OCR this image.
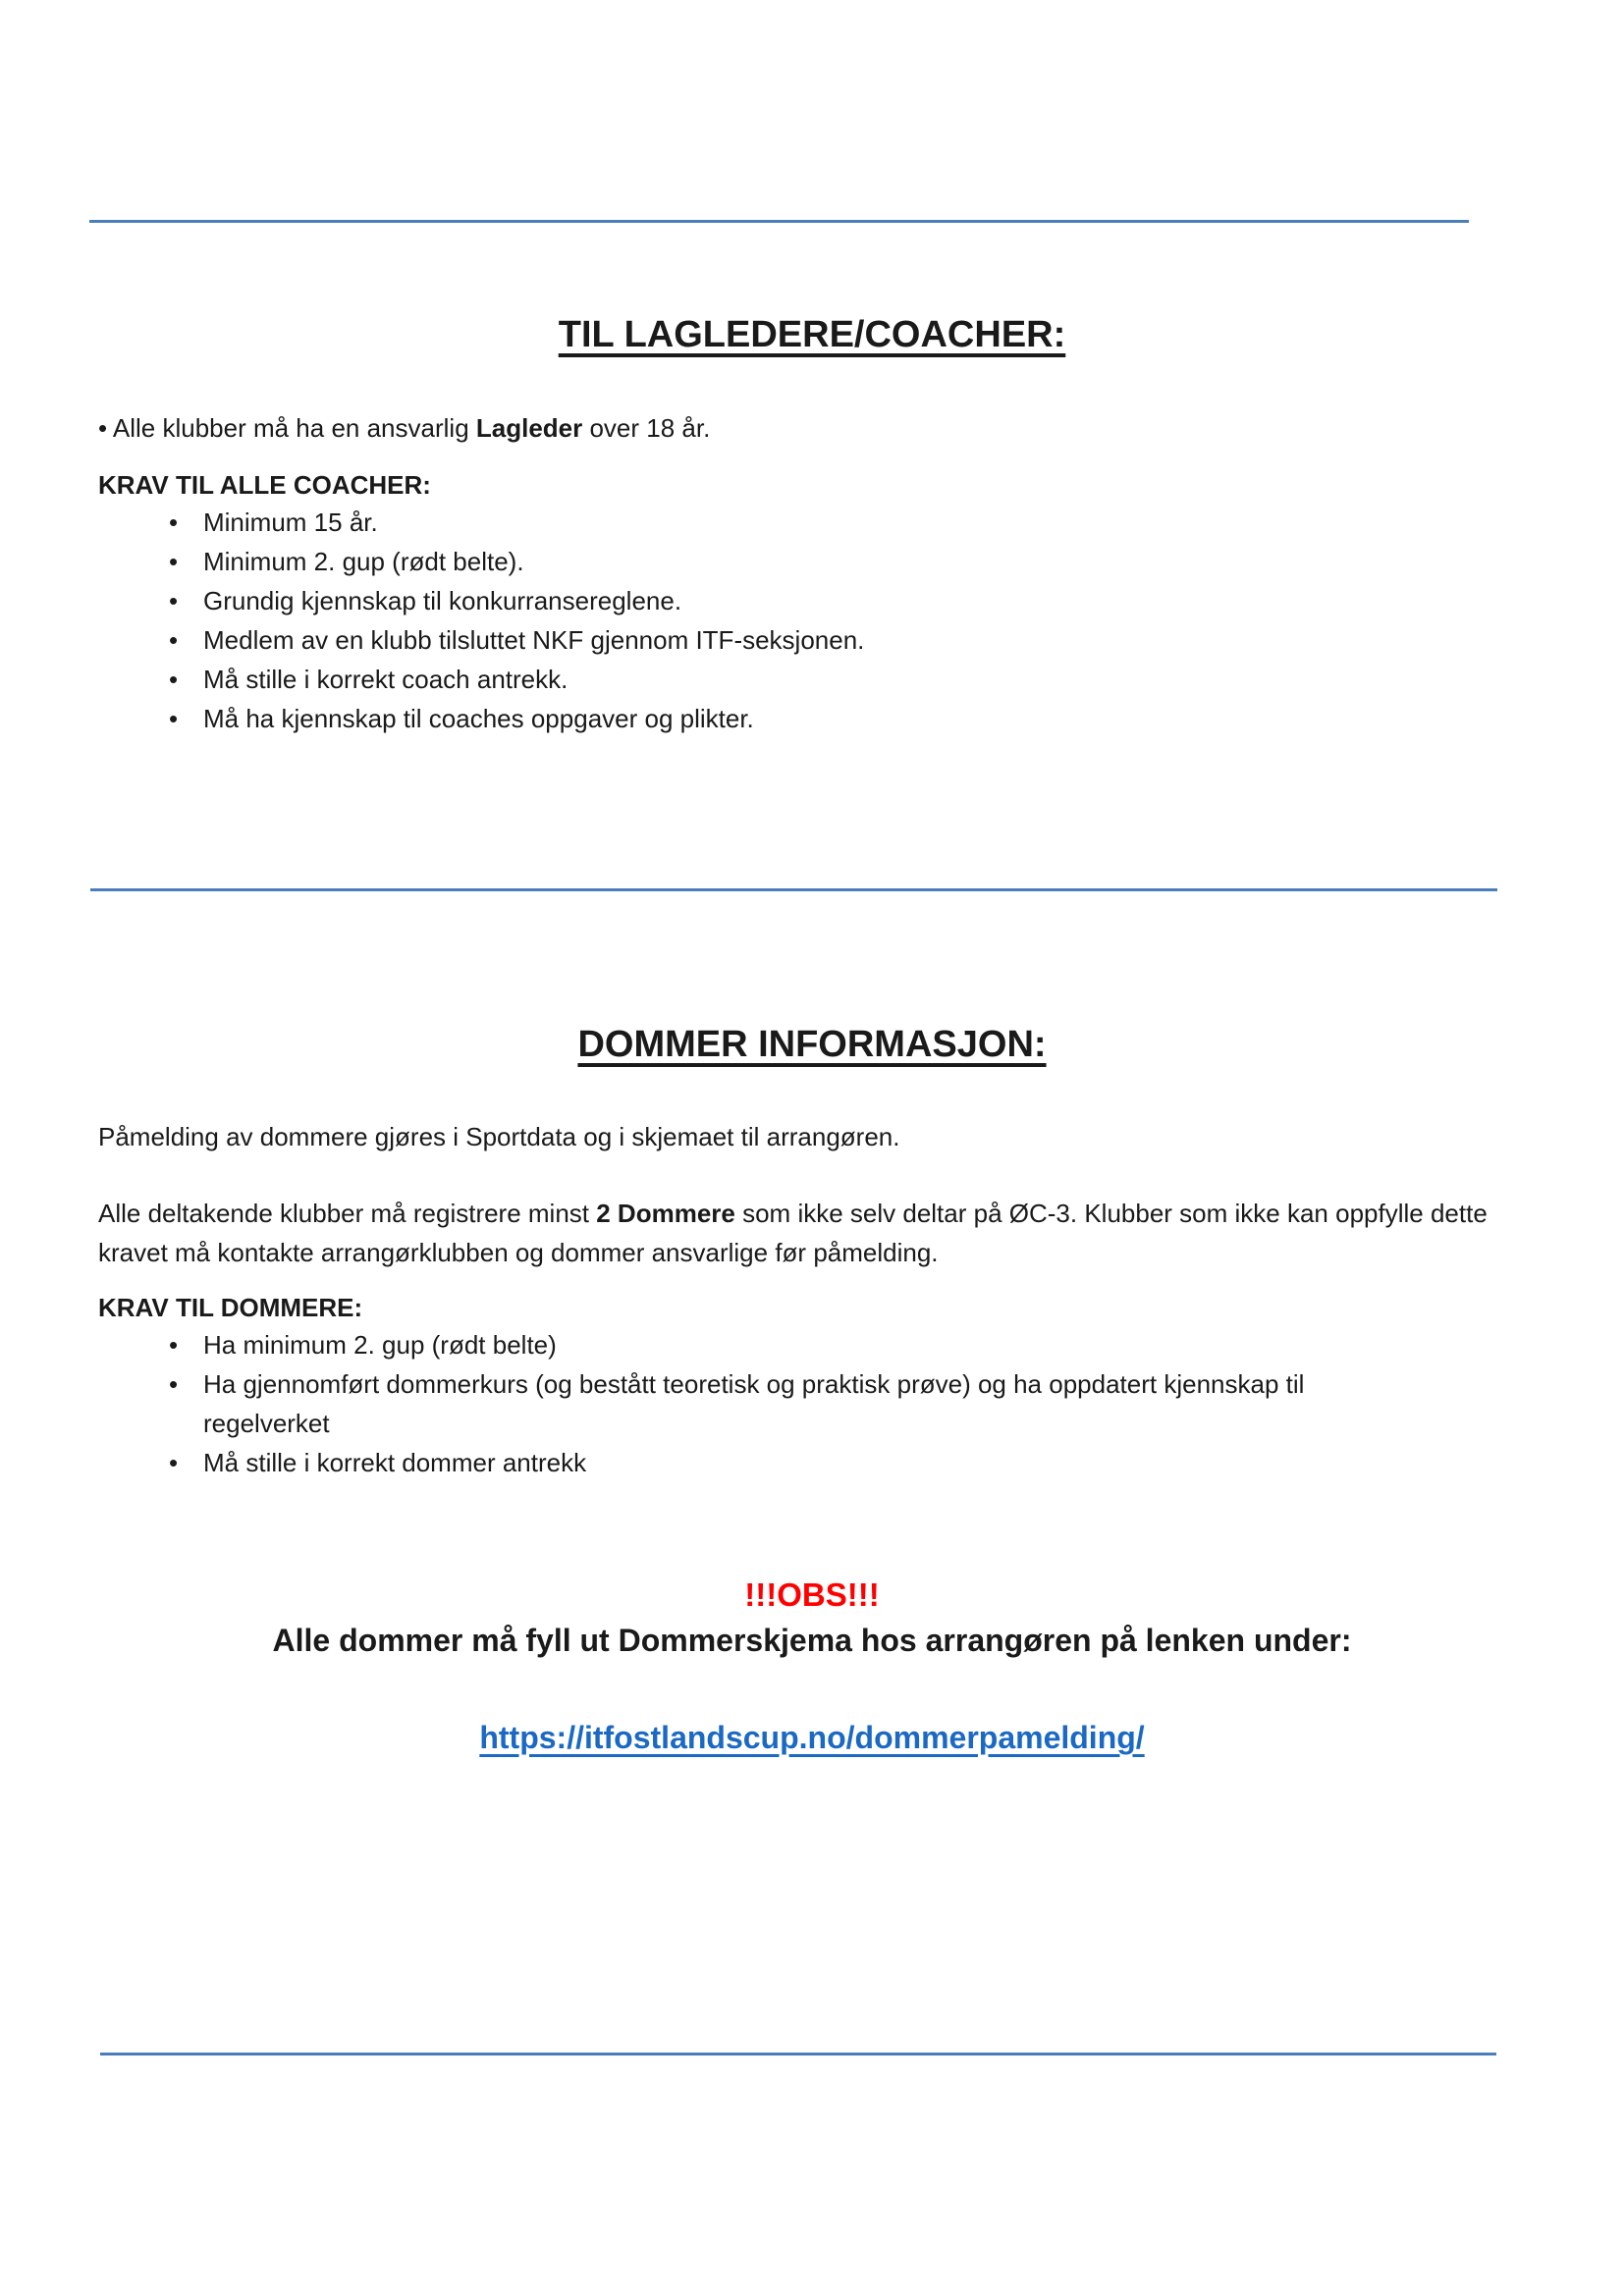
TIL LAGLEDERE/COACHER:

• Alle klubber må ha en ansvarlig Lagleder over 18 år.

KRAV TIL ALLE COACHER:
• Minimum 15 år.
• Minimum 2. gup (rødt belte).
• Grundig kjennskap til konkurransereglene.
• Medlem av en klubb tilsluttet NKF gjennom ITF-seksjonen.
• Må stille i korrekt coach antrekk.
• Må ha kjennskap til coaches oppgaver og plikter.
DOMMER INFORMASJON:

Påmelding av dommere gjøres i Sportdata og i skjemaet til arrangøren.

Alle deltakende klubber må registrere minst 2 Dommere som ikke selv deltar på ØC-3. Klubber som ikke kan oppfylle dette kravet må kontakte arrangørklubben og dommer ansvarlige før påmelding.

KRAV TIL DOMMERE:
• Ha minimum 2. gup (rødt belte)
• Ha gjennomført dommerkurs (og bestått teoretisk og praktisk prøve) og ha oppdatert kjennskap til regelverket
• Må stille i korrekt dommer antrekk
!!!OBS!!!
Alle dommer må fyll ut Dommerskjema hos arrangøren på lenken under:
https://itfostlandscup.no/dommerpamelding/
